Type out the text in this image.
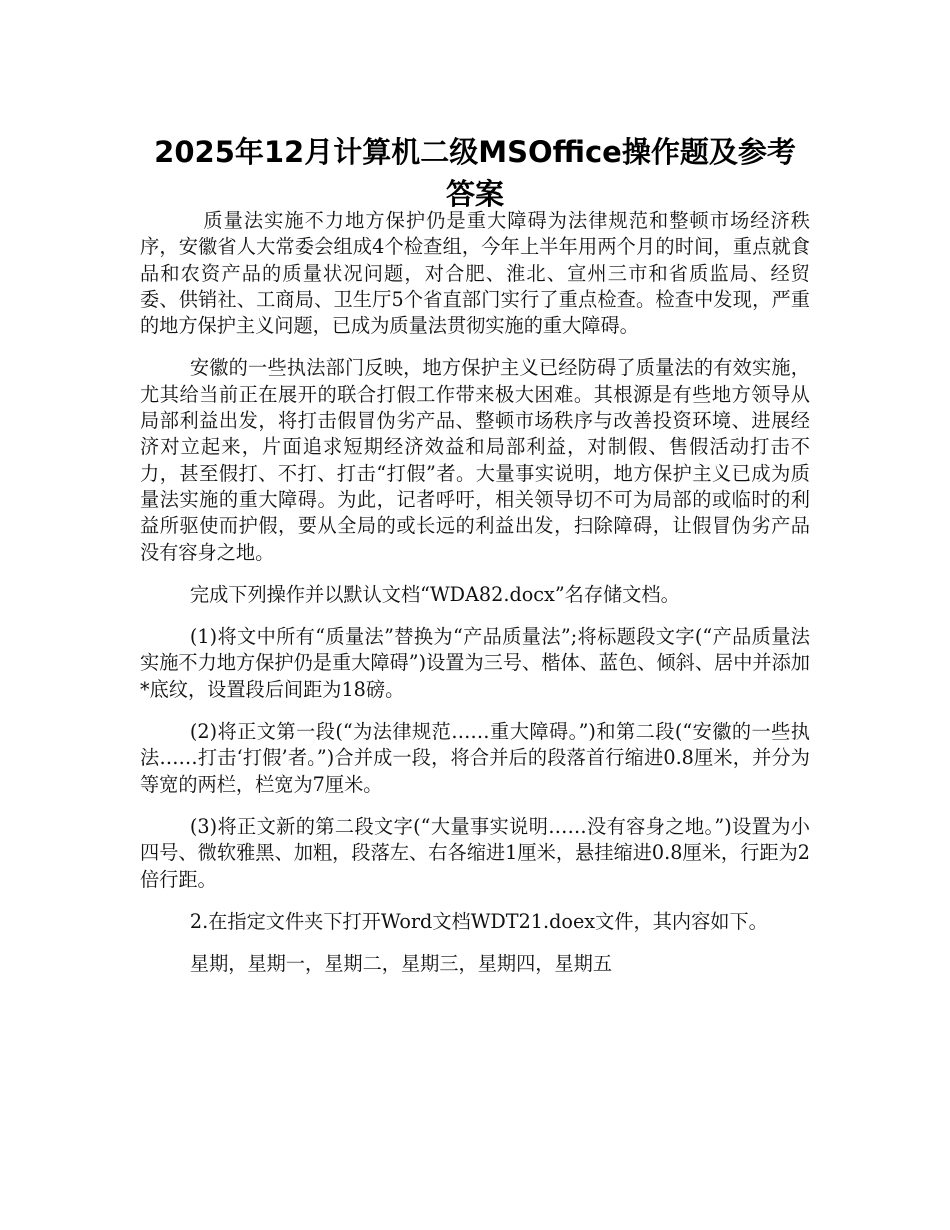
2025年12月计算机二级MSOffice操作题及参考答案

质量法实施不力地方保护仍是重大障碍为法律规范和整顿市场经济秩序，安徽省人大常委会组成4个检查组，今年上半年用两个月的时间，重点就食品和农资产品的质量状况问题，对合肥、淮北、宣州三市和省质监局、经贸委、供销社、工商局、卫生厅5个省直部门实行了重点检查。检查中发现，严重的地方保护主义问题，已成为质量法贯彻实施的重大障碍。

安徽的一些执法部门反映，地方保护主义已经防碍了质量法的有效实施，尤其给当前正在展开的联合打假工作带来极大困难。其根源是有些地方领导从局部利益出发，将打击假冒伪劣产品、整顿市场秩序与改善投资环境、进展经济对立起来，片面追求短期经济效益和局部利益，对制假、售假活动打击不力，甚至假打、不打、打击“打假”者。大量事实说明，地方保护主义已成为质量法实施的重大障碍。为此，记者呼吁，相关领导切不可为局部的或临时的利益所驱使而护假，要从全局的或长远的利益出发，扫除障碍，让假冒伪劣产品没有容身之地。

完成下列操作并以默认文档“WDA82.docx”名存储文档。

(1)将文中所有“质量法”替换为“产品质量法”;将标题段文字(“产品质量法实施不力地方保护仍是重大障碍”)设置为三号、楷体、蓝色、倾斜、居中并添加*底纹，设置段后间距为18磅。

(2)将正文第一段(“为法律规范……重大障碍。”)和第二段(“安徽的一些执法……打击‘打假’者。”)合并成一段，将合并后的段落首行缩进0.8厘米，并分为等宽的两栏，栏宽为7厘米。

(3)将正文新的第二段文字(“大量事实说明……没有容身之地。”)设置为小四号、微软雅黑、加粗，段落左、右各缩进1厘米，悬挂缩进0.8厘米，行距为2倍行距。

2.在指定文件夹下打开Word文档WDT21.doex文件，其内容如下。

星期，星期一，星期二，星期三，星期四，星期五
